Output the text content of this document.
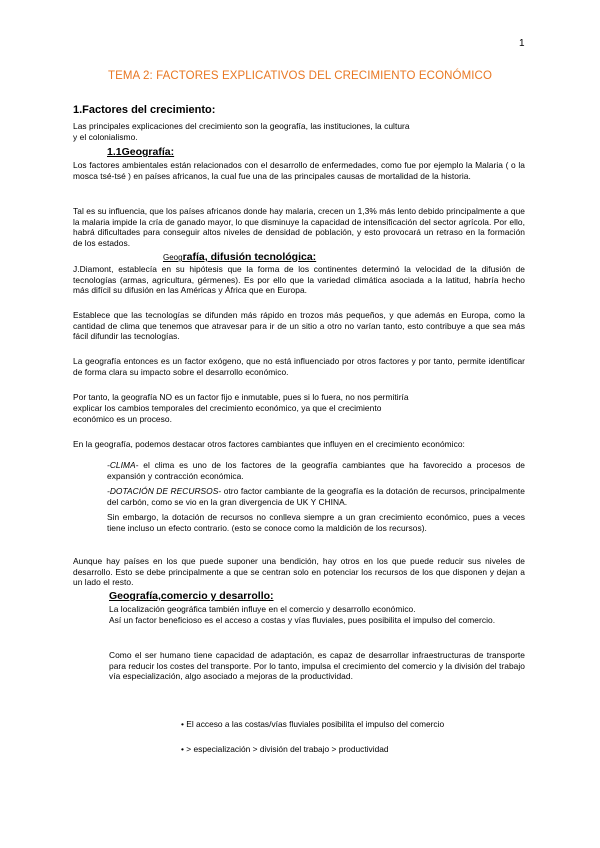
1
TEMA 2: FACTORES EXPLICATIVOS DEL CRECIMIENTO ECONÓMICO
1.Factores del crecimiento:
Las principales explicaciones del crecimiento son la geografía, las instituciones, la cultura
y el colonialismo.
1.1Geografía:
Los factores ambientales están relacionados con el desarrollo de enfermedades, como fue por ejemplo la Malaria ( o la mosca tsé-tsé ) en países africanos, la cual fue una de las principales causas de mortalidad de la historia.
Tal es su influencia, que los países africanos donde hay malaria, crecen un 1,3% más lento debido principalmente a que la malaria impide la cría de ganado mayor, lo que disminuye la capacidad de intensificación del sector agrícola. Por ello, habrá dificultades para conseguir altos niveles de densidad de población, y esto provocará un retraso en la formación de los estados.
Geografía, difusión tecnológica:
J.Diamont, establecía en su hipótesis que la forma de los continentes determinó la velocidad de la difusión de tecnologías (armas, agricultura, gérmenes). Es por ello que la variedad climática asociada a la latitud, habría hecho más difícil su difusión en las Américas y África que en Europa.
Establece que las tecnologías se difunden más rápido en trozos más pequeños, y que además en Europa, como la cantidad de clima que tenemos que atravesar para ir de un sitio a otro no varían tanto, esto contribuye a que sea más fácil difundir las tecnologías.
La geografía entonces es un factor exógeno, que no está influenciado por otros factores y por tanto, permite identificar de forma clara su impacto sobre el desarrollo económico.
Por tanto, la geografía NO es un factor fijo e inmutable, pues si lo fuera, no nos permitiría
explicar los cambios temporales del crecimiento económico, ya que el crecimiento
económico es un proceso.
En la geografía, podemos destacar otros factores cambiantes que influyen en el crecimiento económico:
-CLIMA- el clima es uno de los factores de la geografía cambiantes que ha favorecido a procesos de expansión y contracción económica.
-DOTACIÓN DE RECURSOS- otro factor cambiante de la geografía es la dotación de recursos, principalmente del carbón, como se vio en la gran divergencia de UK Y CHINA.
Sin embargo, la dotación de recursos no conlleva siempre a un gran crecimiento económico, pues a veces tiene incluso un efecto contrario. (esto se conoce como la maldición de los recursos).
Aunque hay países en los que puede suponer una bendición, hay otros en los que puede reducir sus niveles de desarrollo. Esto se debe principalmente a que se centran solo en potenciar los recursos de los que disponen y dejan a un lado el resto.
Geografía,comercio y desarrollo:
La localización geográfica también influye en el comercio y desarrollo económico.
Así un factor beneficioso es el acceso a costas y vías fluviales, pues posibilita el impulso del comercio.
Como el ser humano tiene capacidad de adaptación, es capaz de desarrollar infraestructuras de transporte para reducir los costes del transporte. Por lo tanto, impulsa el crecimiento del comercio y la división del trabajo vía especialización, algo asociado a mejoras de la productividad.
• El acceso a las costas/vías fluviales posibilita el impulso del comercio
• > especialización > división del trabajo > productividad
